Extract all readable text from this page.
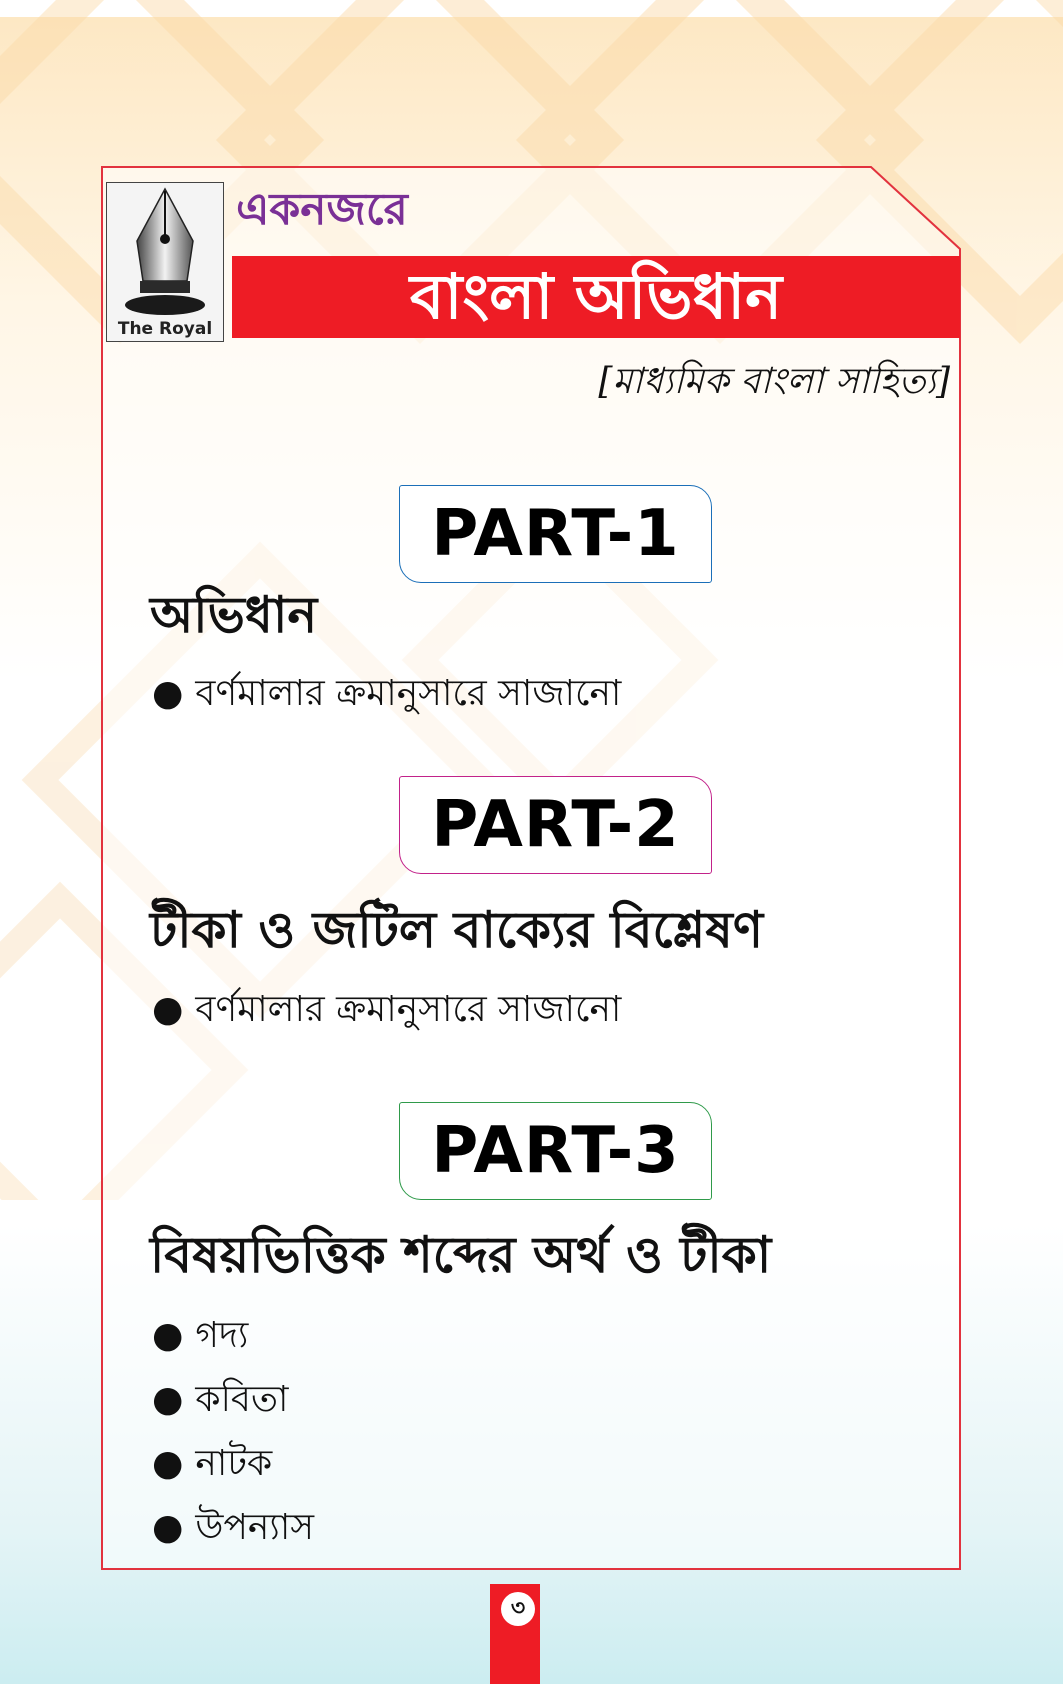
The Royal
একনজরে
বাংলা অভিধান
[মাধ্যমিক বাংলা সাহিত্য]
PART-1
অভিধান
● বর্ণমালার ক্রমানুসারে সাজানো
PART-2
টীকা ও জটিল বাক্যের বিশ্লেষণ
● বর্ণমালার ক্রমানুসারে সাজানো
PART-3
বিষয়ভিত্তিক শব্দের অর্থ ও টীকা
● গদ্য
● কবিতা
● নাটক
● উপন্যাস
৩
